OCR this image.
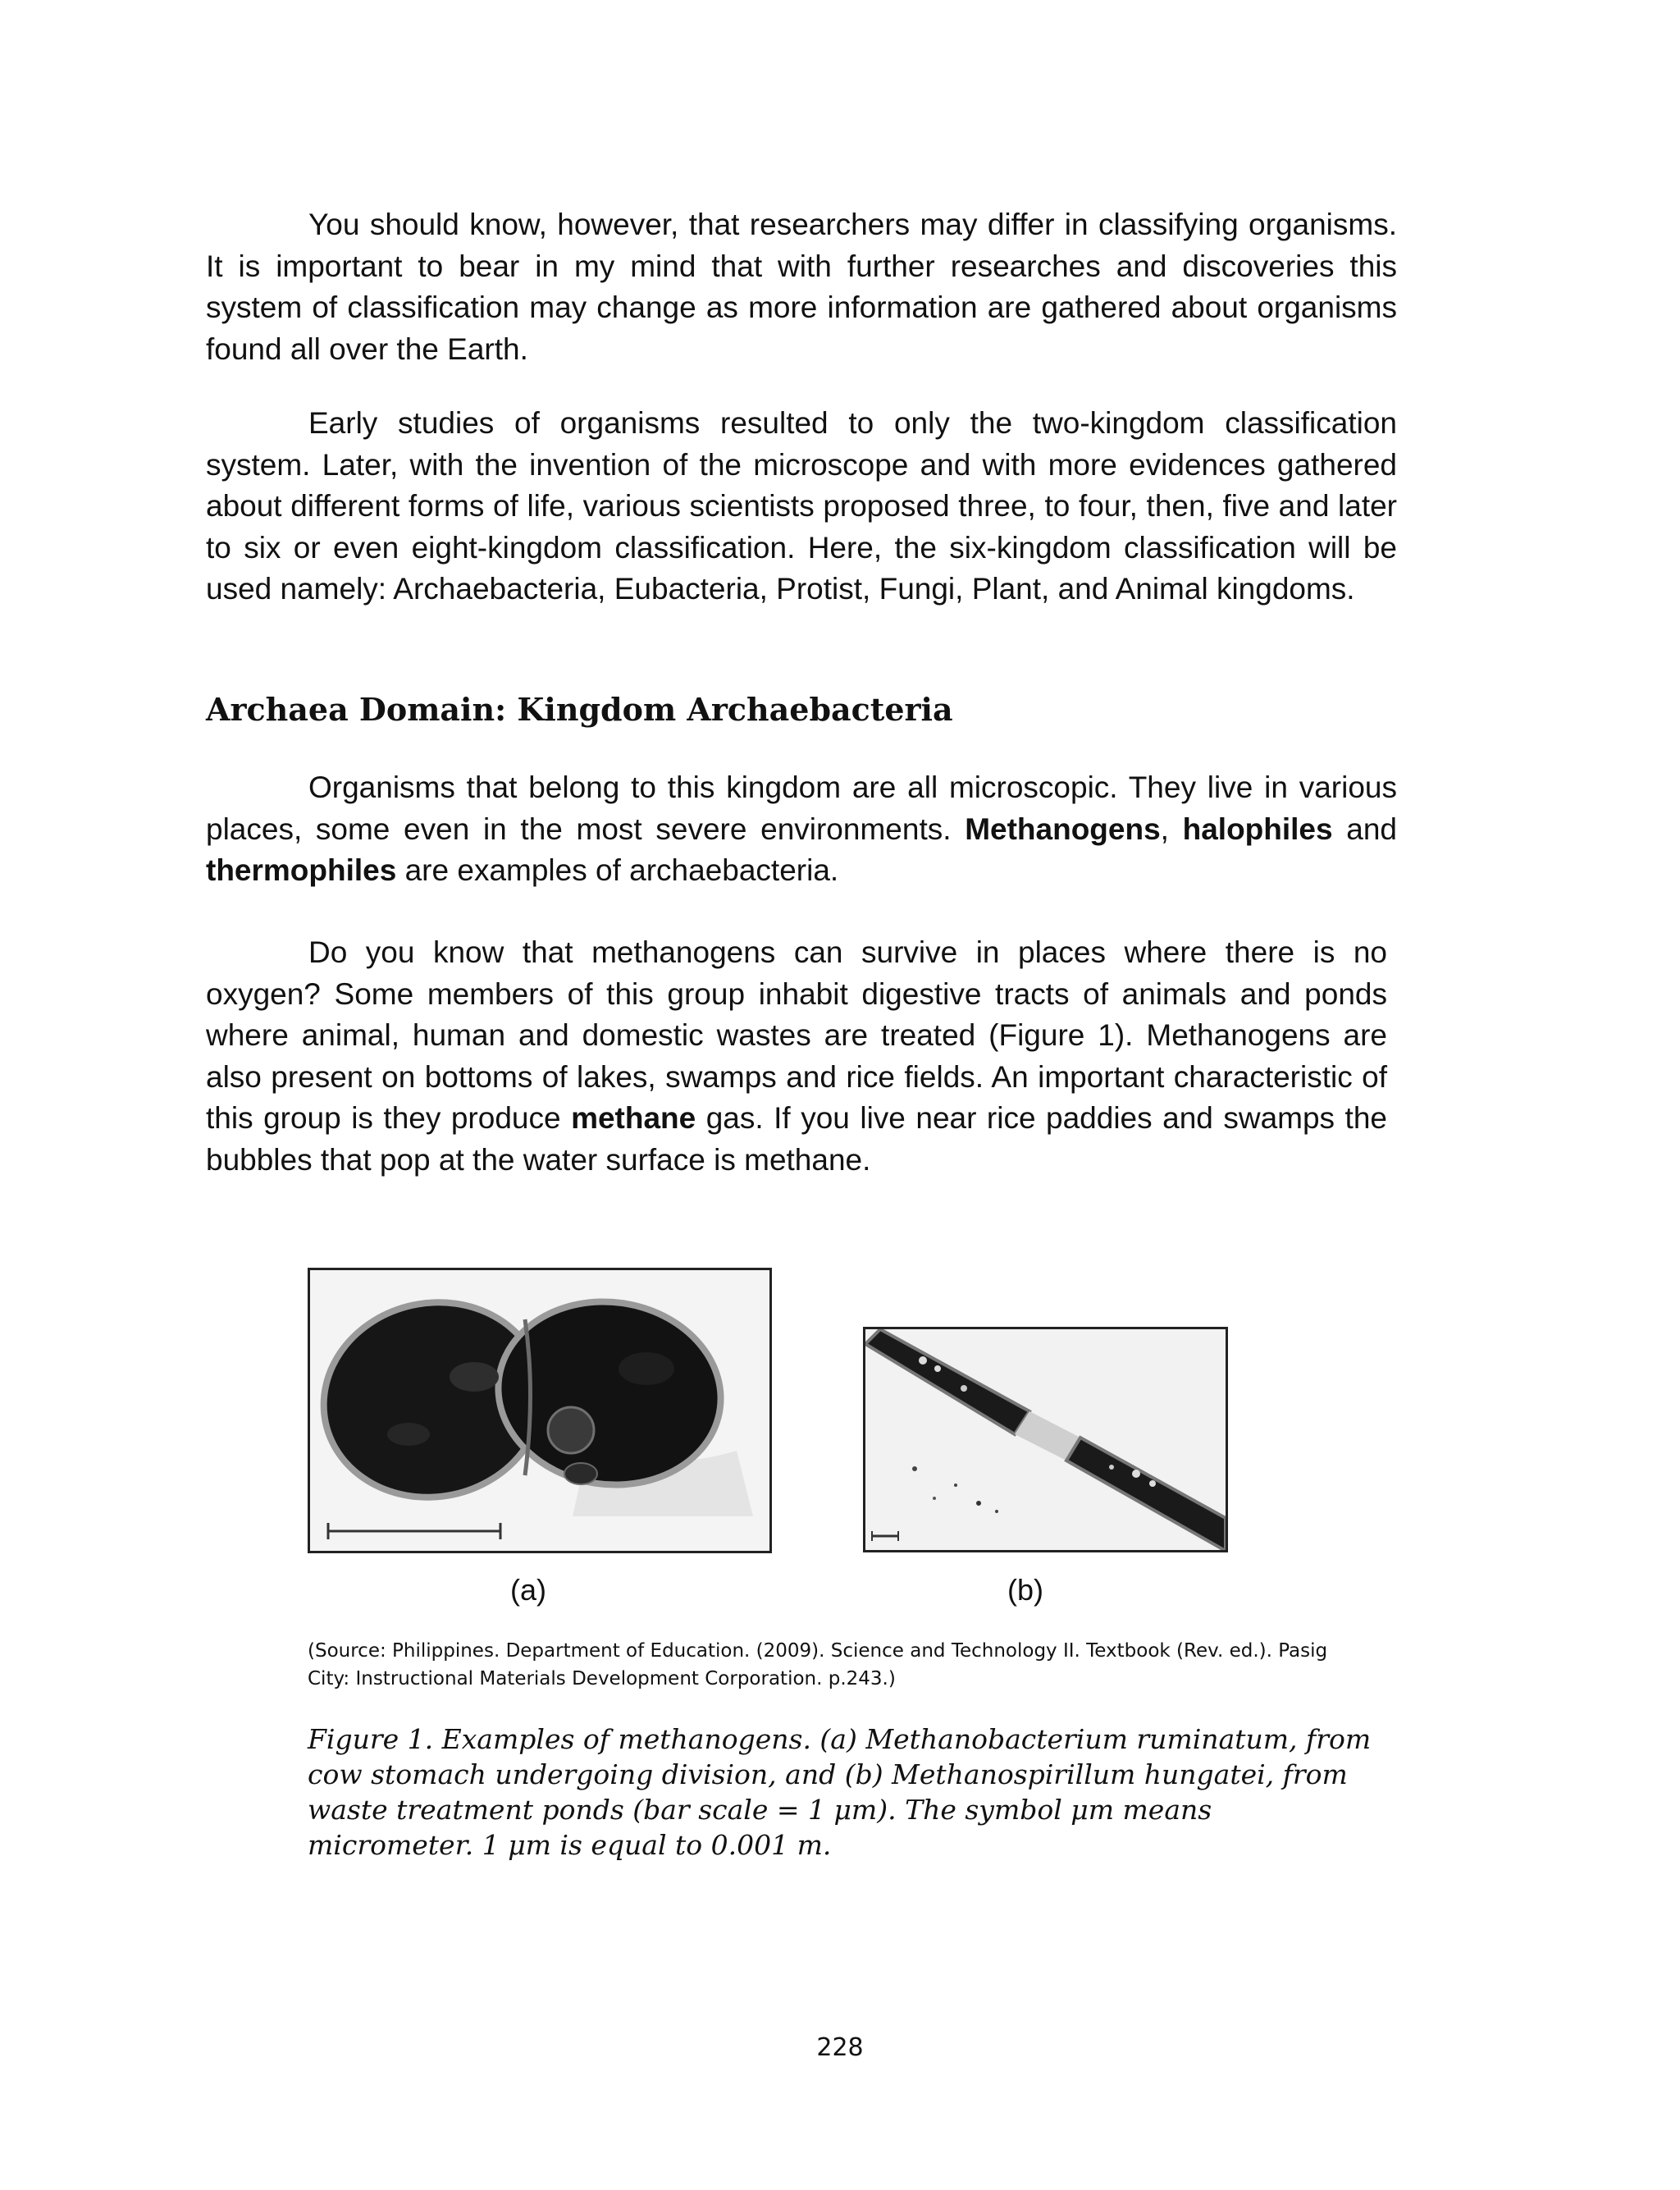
You should know, however, that researchers may differ in classifying organisms. It is important to bear in my mind that with further researches and discoveries this system of classification may change as more information are gathered about organisms found all over the Earth.

Early studies of organisms resulted to only the two-kingdom classification system. Later, with the invention of the microscope and with more evidences gathered about different forms of life, various scientists proposed three, to four, then, five and later to six or even eight-kingdom classification. Here, the six-kingdom classification will be used namely: Archaebacteria, Eubacteria, Protist, Fungi, Plant, and Animal kingdoms.

Archaea Domain: Kingdom Archaebacteria

Organisms that belong to this kingdom are all microscopic. They live in various places, some even in the most severe environments. Methanogens, halophiles and thermophiles are examples of archaebacteria.

Do you know that methanogens can survive in places where there is no oxygen? Some members of this group inhabit digestive tracts of animals and ponds where animal, human and domestic wastes are treated (Figure 1). Methanogens are also present on bottoms of lakes, swamps and rice fields. An important characteristic of this group is they produce methane gas. If you live near rice paddies and swamps the bubbles that pop at the water surface is methane.

(a)	(b)

(Source: Philippines. Department of Education. (2009). Science and Technology II. Textbook (Rev. ed.). Pasig City: Instructional Materials Development Corporation. p.243.)

Figure 1. Examples of methanogens. (a) Methanobacterium ruminatum, from cow stomach undergoing division, and (b) Methanospirillum hungatei, from waste treatment ponds (bar scale = 1 μm). The symbol μm means micrometer. 1 μm is equal to 0.001 m.

228
